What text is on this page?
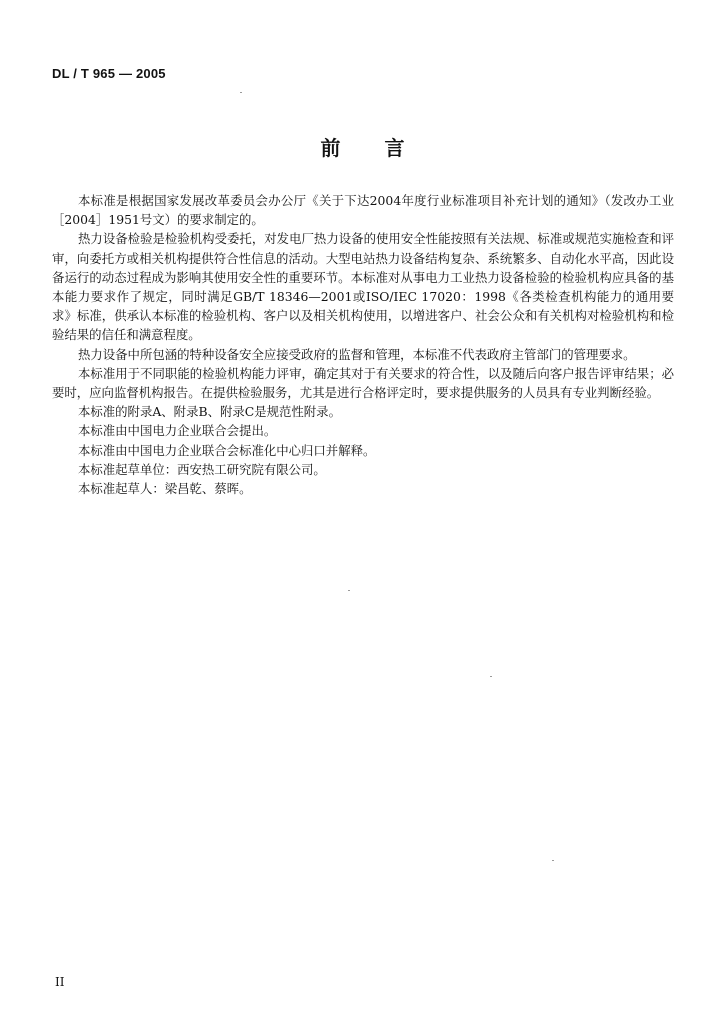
DL / T 965 — 2005
前言

本标准是根据国家发展改革委员会办公厅《关于下达2004年度行业标准项目补充计划的通知》（发改办工业［2004］1951号文）的要求制定的。

热力设备检验是检验机构受委托，对发电厂热力设备的使用安全性能按照有关法规、标准或规范实施检查和评审，向委托方或相关机构提供符合性信息的活动。大型电站热力设备结构复杂、系统繁多、自动化水平高，因此设备运行的动态过程成为影响其使用安全性的重要环节。本标准对从事电力工业热力设备检验的检验机构应具备的基本能力要求作了规定，同时满足GB/T 18346—2001或ISO/IEC 17020：1998《各类检查机构能力的通用要求》标准，供承认本标准的检验机构、客户以及相关机构使用，以增进客户、社会公众和有关机构对检验机构和检验结果的信任和满意程度。

热力设备中所包涵的特种设备安全应接受政府的监督和管理，本标准不代表政府主管部门的管理要求。

本标准用于不同职能的检验机构能力评审，确定其对于有关要求的符合性，以及随后向客户报告评审结果；必要时，应向监督机构报告。在提供检验服务，尤其是进行合格评定时，要求提供服务的人员具有专业判断经验。

本标准的附录A、附录B、附录C是规范性附录。

本标准由中国电力企业联合会提出。

本标准由中国电力企业联合会标准化中心归口并解释。

本标准起草单位：西安热工研究院有限公司。

本标准起草人：梁昌乾、蔡晖。

II
